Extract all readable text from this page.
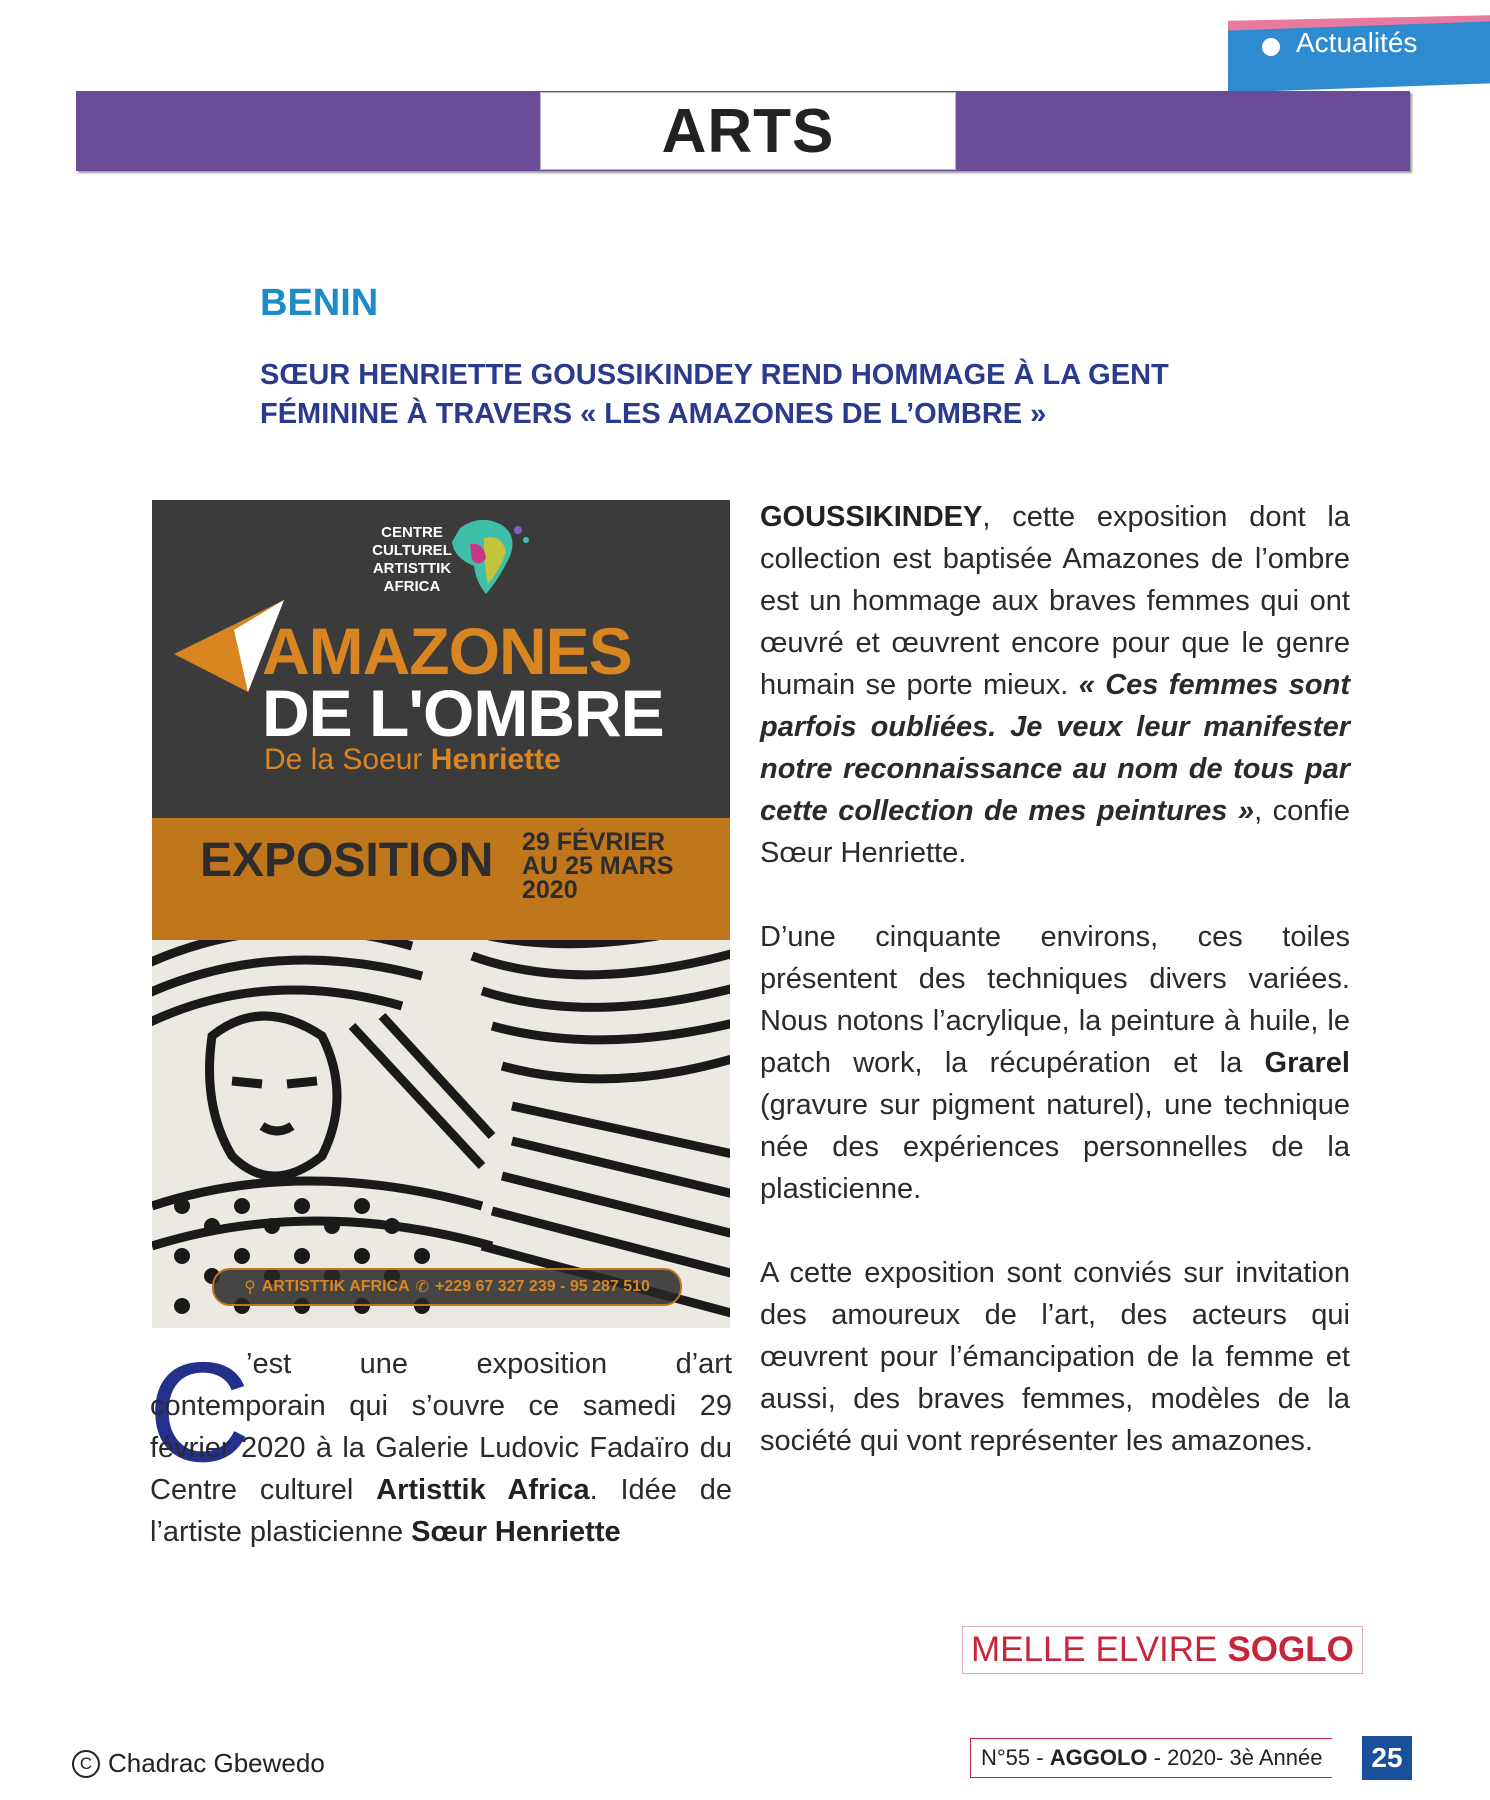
Actualités
ARTS
BENIN
SŒUR HENRIETTE GOUSSIKINDEY REND HOMMAGE À LA GENT
FÉMININE À TRAVERS « LES AMAZONES DE L’OMBRE »
CENTRE CULTUREL ARTISTTIK AFRICA
AMAZONES
DE L'OMBRE
De la Soeur Henriette
EXPOSITION 29 FÉVRIER
AU 25 MARS
2020
⚲ ARTISTTIK AFRICA ✆ +229 67 327 239 - 95 287 510
C
’est une exposition d’art contemporain qui s’ouvre ce samedi 29 février 2020 à la Galerie Ludovic Fadaïro du Centre culturel Artisttik Africa. Idée de l’artiste plasticienne Sœur Henriette

GOUSSIKINDEY, cette exposition dont la collection est baptisée Amazones de l’ombre est un hommage aux braves femmes qui ont œuvré et œuvrent encore pour que le genre humain se porte mieux. « Ces femmes sont parfois oubliées. Je veux leur manifester notre reconnaissance au nom de tous par cette collection de mes peintures », confie Sœur Henriette.

D’une cinquante environs, ces toiles présentent des techniques divers variées. Nous notons l’acrylique, la peinture à huile, le patch work, la récupération et la Grarel (gravure sur pigment naturel), une technique née des expériences personnelles de la plasticienne.

A cette exposition sont conviés sur invitation des amoureux de l’art, des acteurs qui œuvrent pour l’émancipation de la femme et aussi, des braves femmes, modèles de la société qui vont représenter les amazones.

MELLE ELVIRE SOGLO
C Chadrac Gbewedo	N°55 -
AGGOLO
- 2020- 3è Année	25
